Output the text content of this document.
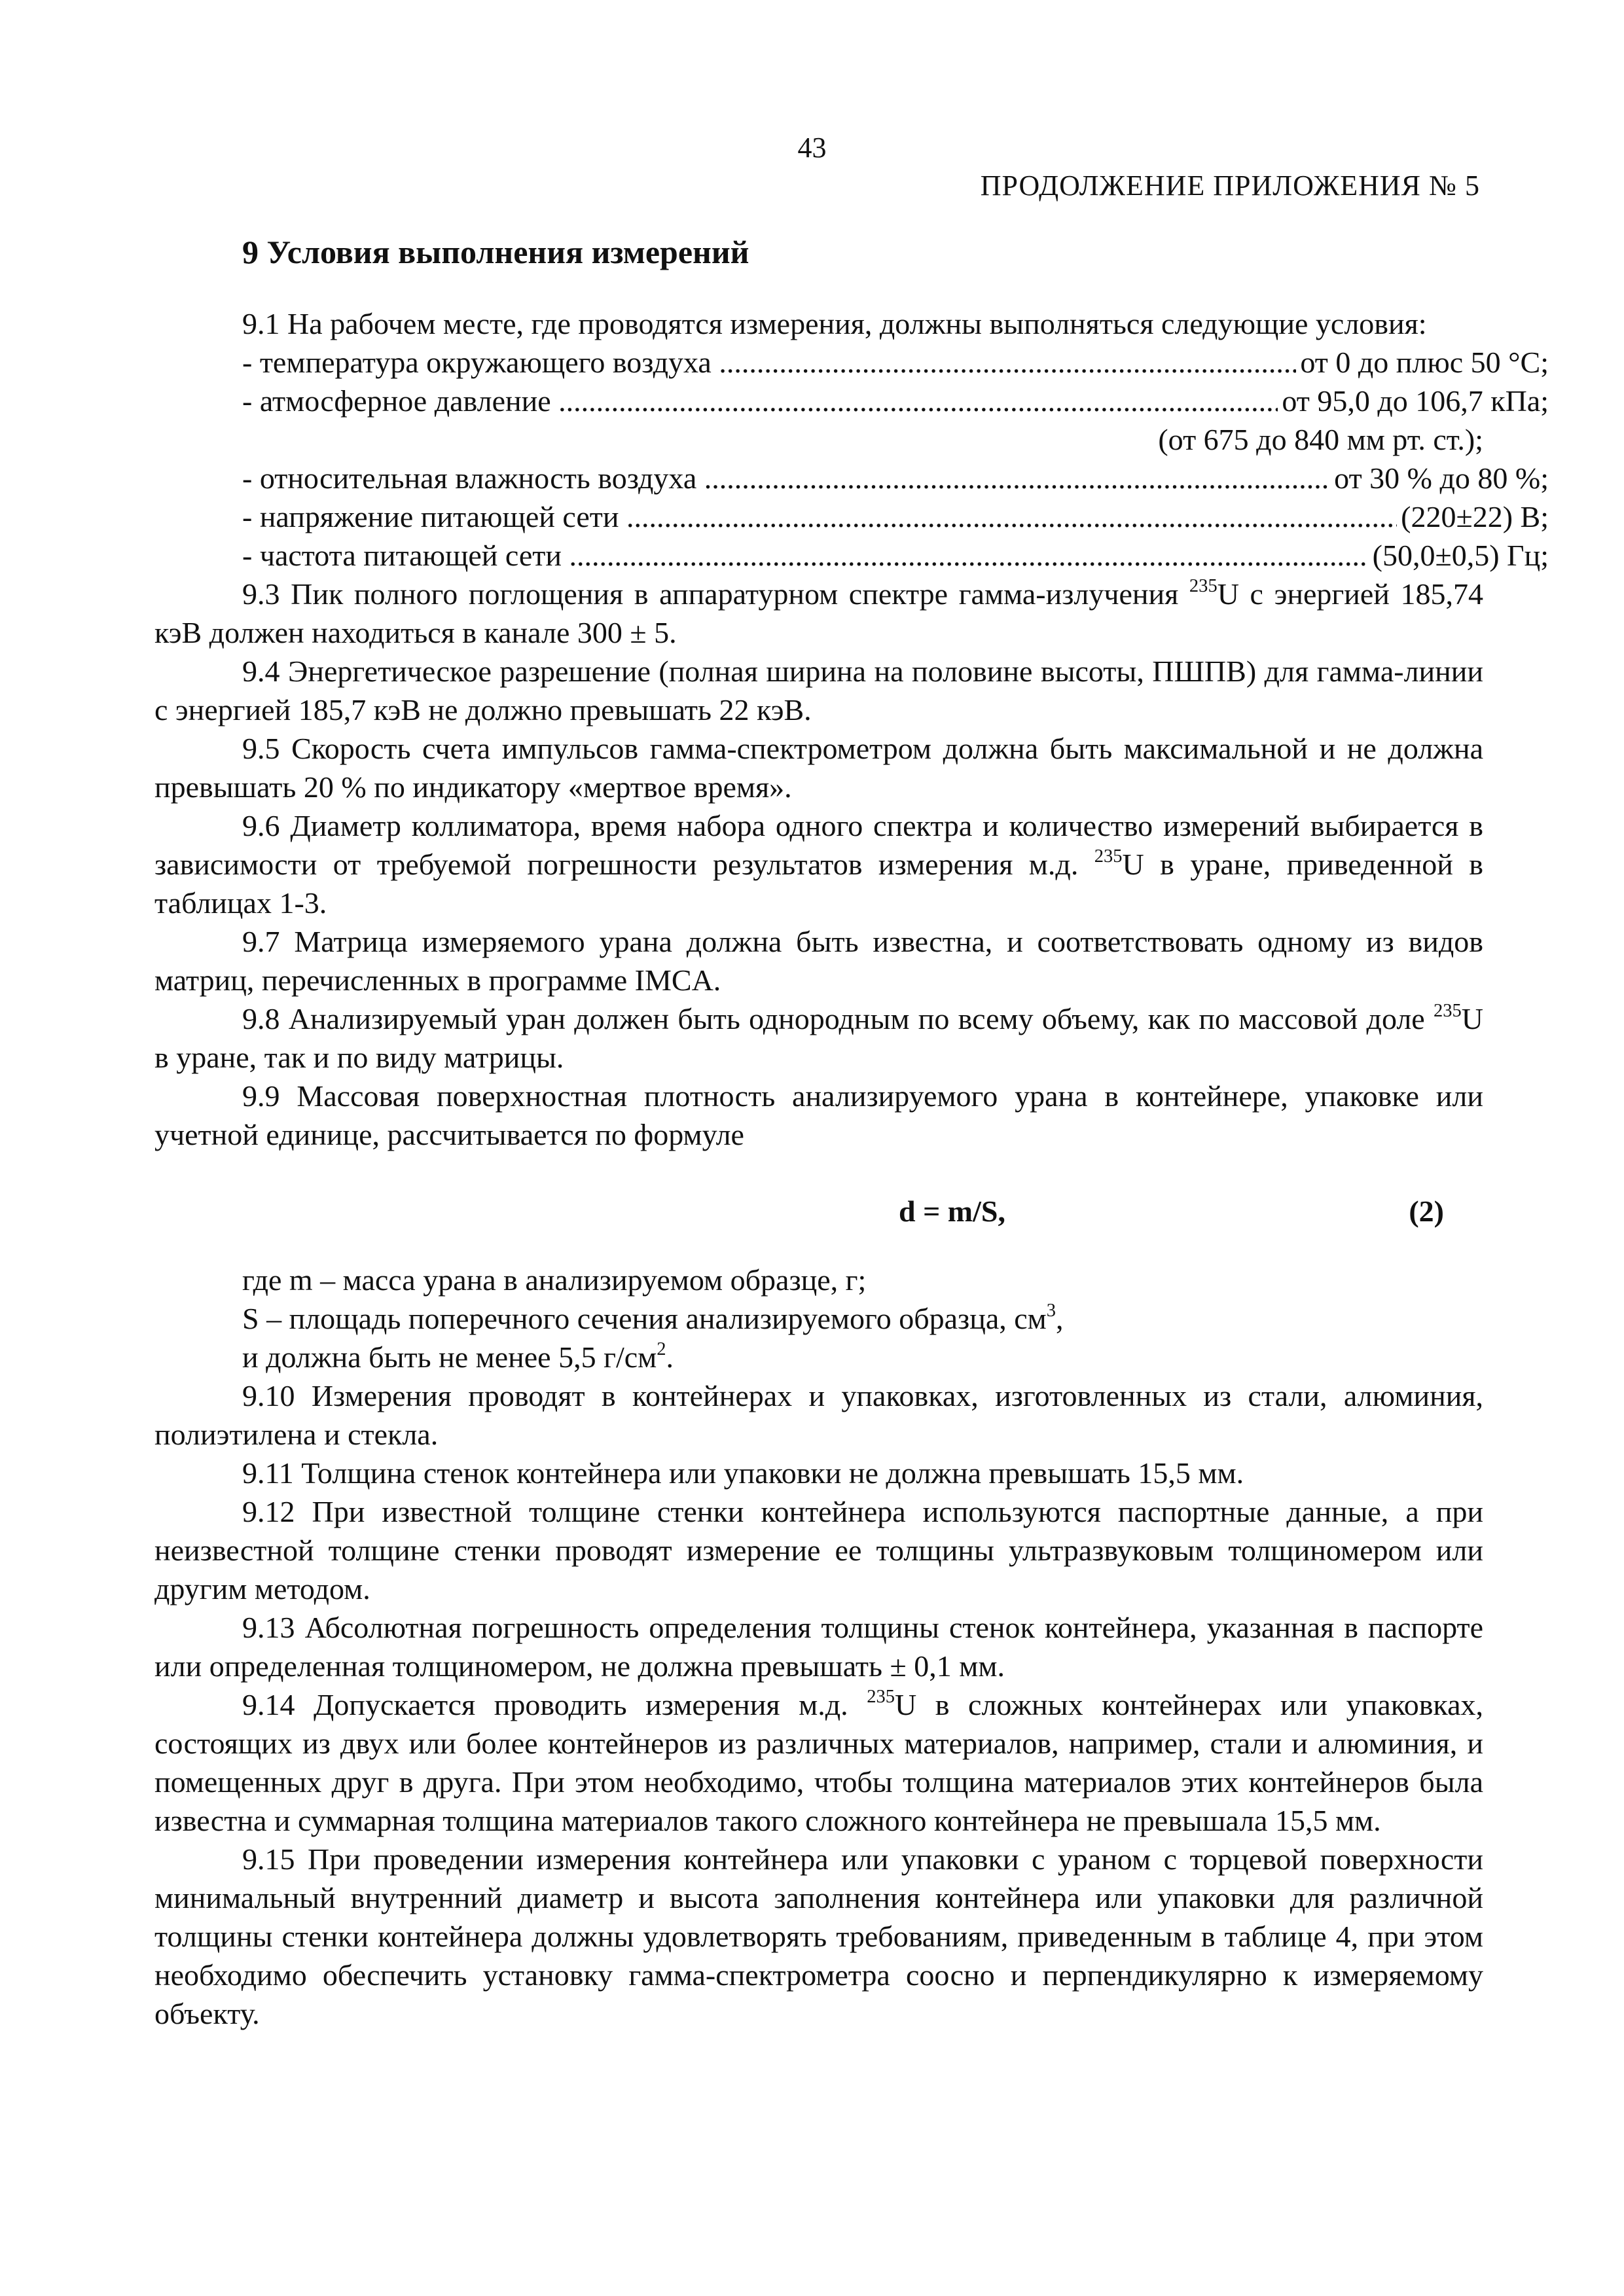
43
ПРОДОЛЖЕНИЕ ПРИЛОЖЕНИЯ № 5
9 Условия выполнения измерений

9.1 На рабочем месте, где проводятся измерения, должны выполняться следующие условия:

- температура окружающего воздуха .....	от 0 до плюс 50 °С;
- атмосферное давление .....	от 95,0 до 106,7 кПа;
(от 675 до 840 мм рт. ст.);
- относительная влажность воздуха .....	от 30 % до 80 %;
- напряжение питающей сети .....	(220±22) В;
- частота питающей сети .....	(50,0±0,5) Гц;

9.3 Пик полного поглощения в аппаратурном спектре гамма-излучения $^{235}$U с энергией 185,74 кэВ должен находиться в канале 300 ± 5.

9.4 Энергетическое разрешение (полная ширина на половине высоты, ПШПВ) для гамма-линии с энергией 185,7 кэВ не должно превышать 22 кэВ.

9.5 Скорость счета импульсов гамма-спектрометром должна быть максимальной и не должна превышать 20 % по индикатору «мертвое время».

9.6 Диаметр коллиматора, время набора одного спектра и количество измерений выбирается в зависимости от требуемой погрешности результатов измерения м.д. $^{235}$U в уране, приведенной в таблицах 1-3.

9.7 Матрица измеряемого урана должна быть известна, и соответствовать одному из видов матриц, перечисленных в программе IMCA.

9.8 Анализируемый уран должен быть однородным по всему объему, как по массовой доле $^{235}$U в уране, так и по виду матрицы.

9.9 Массовая поверхностная плотность анализируемого урана в контейнере, упаковке или учетной единице, рассчитывается по формуле

d = m/S,	(2)
где m – масса урана в анализируемом образце, г;
S – площадь поперечного сечения анализируемого образца, $см^3$,
и должна быть не менее 5,5 $г/см^2$.

9.10 Измерения проводят в контейнерах и упаковках, изготовленных из стали, алюминия, полиэтилена и стекла.

9.11 Толщина стенок контейнера или упаковки не должна превышать 15,5 мм.

9.12 При известной толщине стенки контейнера используются паспортные данные, а при неизвестной толщине стенки проводят измерение ее толщины ультразвуковым толщиномером или другим методом.

9.13 Абсолютная погрешность определения толщины стенок контейнера, указанная в паспорте или определенная толщиномером, не должна превышать ± 0,1 мм.

9.14 Допускается проводить измерения м.д. $^{235}$U в сложных контейнерах или упаковках, состоящих из двух или более контейнеров из различных материалов, например, стали и алюминия, и помещенных друг в друга. При этом необходимо, чтобы толщина материалов этих контейнеров была известна и суммарная толщина материалов такого сложного контейнера не превышала 15,5 мм.

9.15 При проведении измерения контейнера или упаковки с ураном с торцевой поверхности минимальный внутренний диаметр и высота заполнения контейнера или упаковки для различной толщины стенки контейнера должны удовлетворять требованиям, приведенным в таблице 4, при этом необходимо обеспечить установку гамма-спектрометра соосно и перпендикулярно к измеряемому объекту.
